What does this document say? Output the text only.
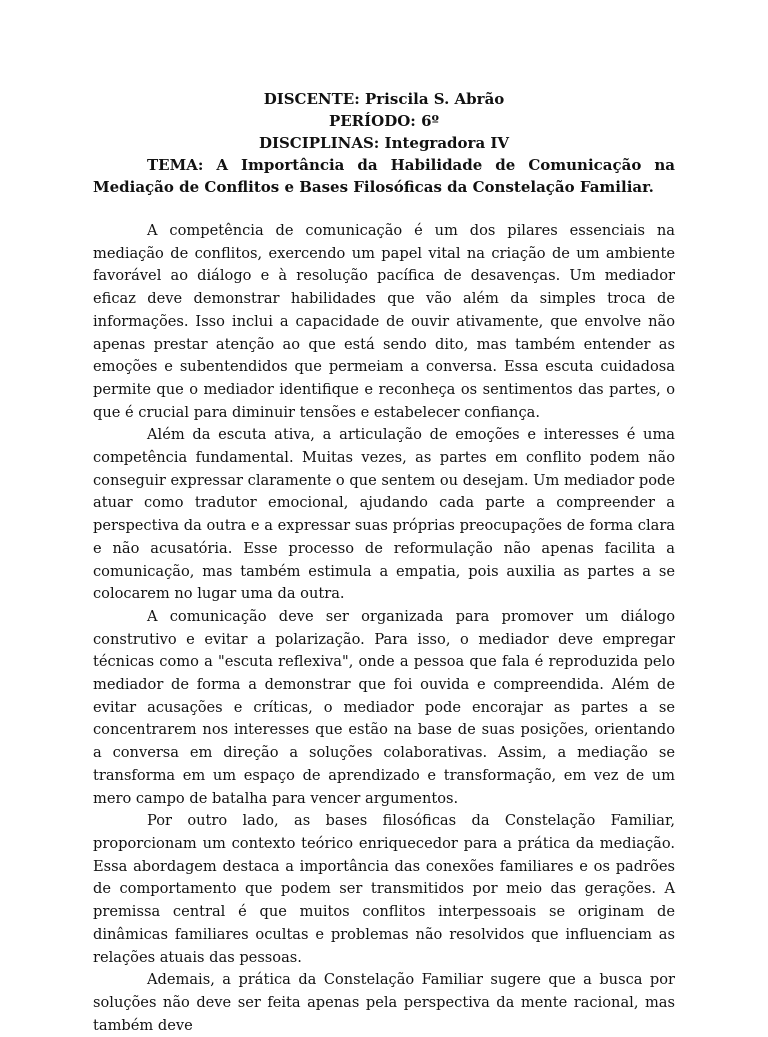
DISCENTE: Priscila S. Abrão
PERÍODO: 6º
DISCIPLINAS: Integradora IV

TEMA: A Importância da Habilidade de Comunicação na Mediação de Conflitos e Bases Filosóficas da Constelação Familiar.

A competência de comunicação é um dos pilares essenciais na mediação de conflitos, exercendo um papel vital na criação de um ambiente favorável ao diálogo e à resolução pacífica de desavenças. Um mediador eficaz deve demonstrar habilidades que vão além da simples troca de informações. Isso inclui a capacidade de ouvir ativamente, que envolve não apenas prestar atenção ao que está sendo dito, mas também entender as emoções e subentendidos que permeiam a conversa. Essa escuta cuidadosa permite que o mediador identifique e reconheça os sentimentos das partes, o que é crucial para diminuir tensões e estabelecer confiança.

Além da escuta ativa, a articulação de emoções e interesses é uma competência fundamental. Muitas vezes, as partes em conflito podem não conseguir expressar claramente o que sentem ou desejam. Um mediador pode atuar como tradutor emocional, ajudando cada parte a compreender a perspectiva da outra e a expressar suas próprias preocupações de forma clara e não acusatória. Esse processo de reformulação não apenas facilita a comunicação, mas também estimula a empatia, pois auxilia as partes a se colocarem no lugar uma da outra.

A comunicação deve ser organizada para promover um diálogo construtivo e evitar a polarização. Para isso, o mediador deve empregar técnicas como a "escuta reflexiva", onde a pessoa que fala é reproduzida pelo mediador de forma a demonstrar que foi ouvida e compreendida. Além de evitar acusações e críticas, o mediador pode encorajar as partes a se concentrarem nos interesses que estão na base de suas posições, orientando a conversa em direção a soluções colaborativas. Assim, a mediação se transforma em um espaço de aprendizado e transformação, em vez de um mero campo de batalha para vencer argumentos.

Por outro lado, as bases filosóficas da Constelação Familiar, proporcionam um contexto teórico enriquecedor para a prática da mediação. Essa abordagem destaca a importância das conexões familiares e os padrões de comportamento que podem ser transmitidos por meio das gerações. A premissa central é que muitos conflitos interpessoais se originam de dinâmicas familiares ocultas e problemas não resolvidos que influenciam as relações atuais das pessoas.

Ademais, a prática da Constelação Familiar sugere que a busca por soluções não deve ser feita apenas pela perspectiva da mente racional, mas também deve
